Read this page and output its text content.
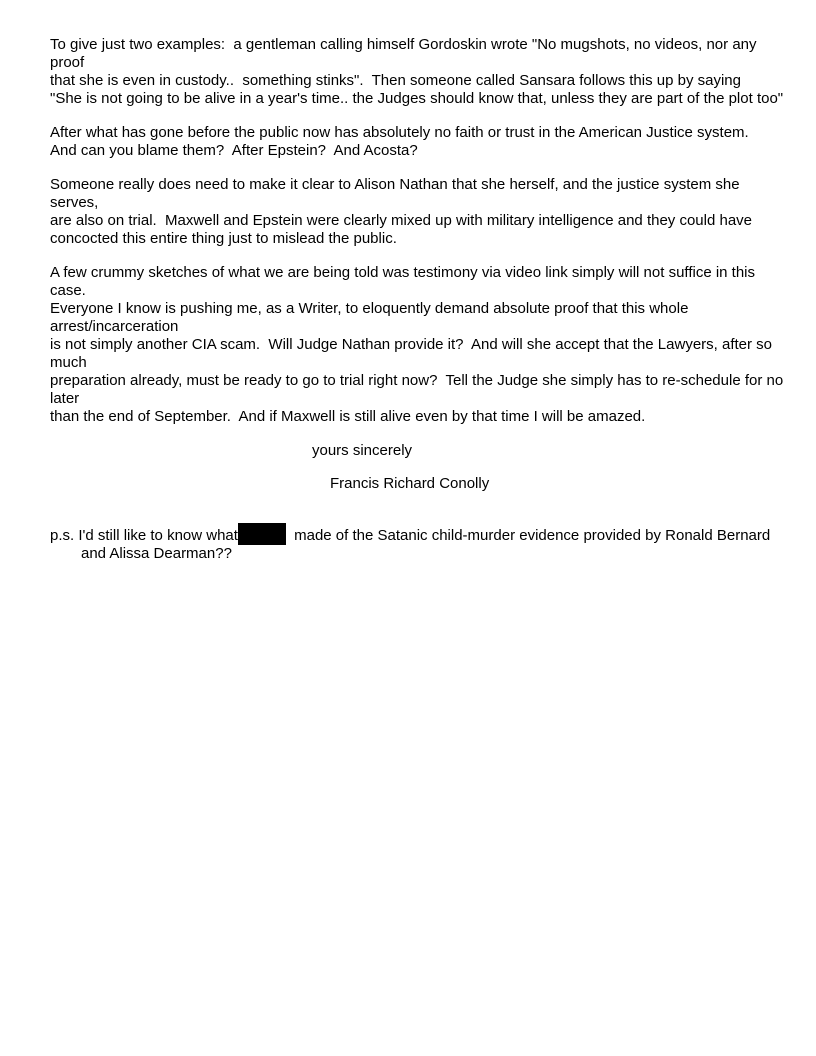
To give just two examples:  a gentleman calling himself Gordoskin wrote "No mugshots, no videos, nor any proof
that she is even in custody..  something stinks".  Then someone called Sansara follows this up by saying
"She is not going to be alive in a year's time.. the Judges should know that, unless they are part of the plot too"

After what has gone before the public now has absolutely no faith or trust in the American Justice system.
And can you blame them?  After Epstein?  And Acosta?

Someone really does need to make it clear to Alison Nathan that she herself, and the justice system she serves,
are also on trial.  Maxwell and Epstein were clearly mixed up with military intelligence and they could have
concocted this entire thing just to mislead the public.

A few crummy sketches of what we are being told was testimony via video link simply will not suffice in this case.
Everyone I know is pushing me, as a Writer, to eloquently demand absolute proof that this whole arrest/incarceration
is not simply another CIA scam.  Will Judge Nathan provide it?  And will she accept that the Lawyers, after so much
preparation already, must be ready to go to trial right now?  Tell the Judge she simply has to re-schedule for no later
than the end of September.  And if Maxwell is still alive even by that time I will be amazed.

yours sincerely
Francis Richard Conolly

p.s. I'd still like to know what	made of the Satanic child-murder evidence provided by Ronald Bernard
and Alissa Dearman??
